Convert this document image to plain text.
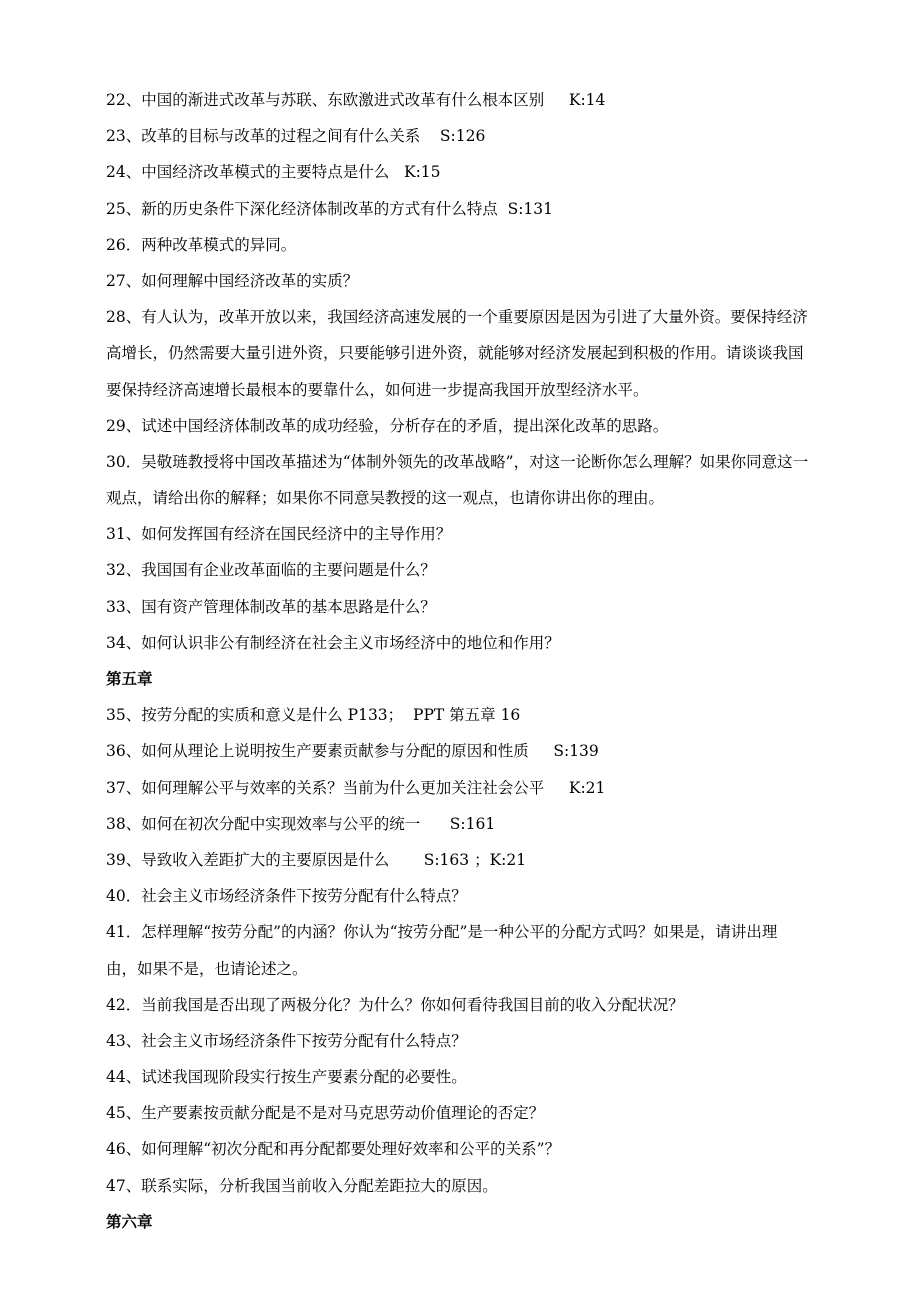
22、中国的渐进式改革与苏联、东欧激进式改革有什么根本区别     K:14
23、改革的目标与改革的过程之间有什么关系    S:126
24、中国经济改革模式的主要特点是什么   K:15
25、新的历史条件下深化经济体制改革的方式有什么特点  S:131
26．两种改革模式的异同。
27、如何理解中国经济改革的实质？
28、有人认为，改革开放以来，我国经济高速发展的一个重要原因是因为引进了大量外资。要保持经济
高增长，仍然需要大量引进外资，只要能够引进外资，就能够对经济发展起到积极的作用。请谈谈我国
要保持经济高速增长最根本的要靠什么，如何进一步提高我国开放型经济水平。
29、试述中国经济体制改革的成功经验，分析存在的矛盾，提出深化改革的思路。
30．吴敬琏教授将中国改革描述为“体制外领先的改革战略”，对这一论断你怎么理解？如果你同意这一
观点，请给出你的解释；如果你不同意吴教授的这一观点，也请你讲出你的理由。
31、如何发挥国有经济在国民经济中的主导作用？
32、我国国有企业改革面临的主要问题是什么？
33、国有资产管理体制改革的基本思路是什么？
34、如何认识非公有制经济在社会主义市场经济中的地位和作用？
第五章
35、按劳分配的实质和意义是什么 P133；  PPT 第五章 16
36、如何从理论上说明按生产要素贡献参与分配的原因和性质     S:139
37、如何理解公平与效率的关系？当前为什么更加关注社会公平     K:21
38、如何在初次分配中实现效率与公平的统一      S:161
39、导致收入差距扩大的主要原因是什么       S:163 ；K:21
40．社会主义市场经济条件下按劳分配有什么特点？
41．怎样理解“按劳分配”的内涵？你认为“按劳分配”是一种公平的分配方式吗？如果是，请讲出理
由，如果不是，也请论述之。
42．当前我国是否出现了两极分化？为什么？你如何看待我国目前的收入分配状况？
43、社会主义市场经济条件下按劳分配有什么特点？
44、试述我国现阶段实行按生产要素分配的必要性。
45、生产要素按贡献分配是不是对马克思劳动价值理论的否定？
46、如何理解“初次分配和再分配都要处理好效率和公平的关系”？
47、联系实际，分析我国当前收入分配差距拉大的原因。
第六章
